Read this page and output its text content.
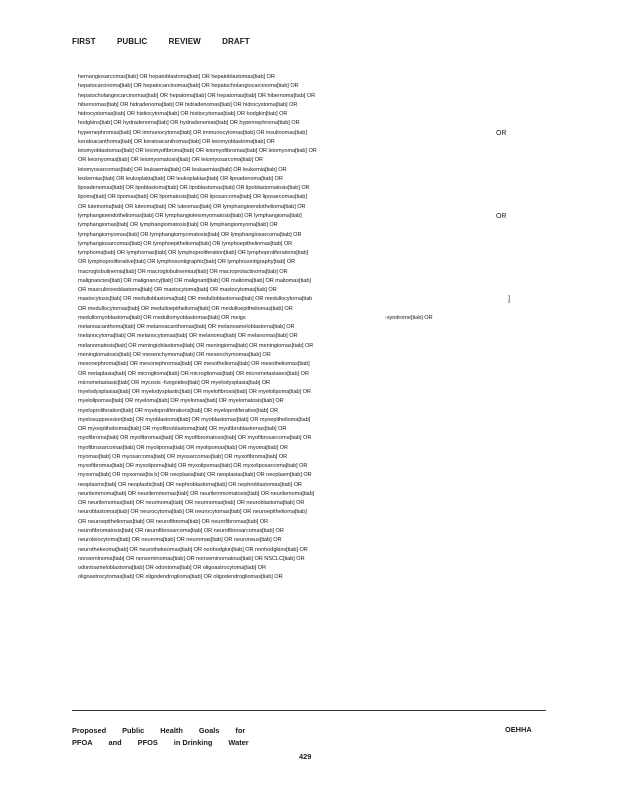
FIRST	PUBLIC	REVIEW	DRAFT
hemangiosarcomas[tiab] OR hepatoblastoma[tiab] OR hepatoblastomas[tiab] OR
hepatocarcinoma[tiab] OR hepatocarcinomas[tiab] OR hepatocholangiocarcinoma[tiab] OR
hepatocholangiocarcinomas[tiab] OR hepatoma[tiab] OR hepatomas[tiab] OR hibernoma[tiab] OR
hibernomas[tiab] OR hidradenoma[tiab] OR hidradenomas[tiab] OR hidrocystoma[tiab] OR
hidrocystomas[tiab] OR histiocytoma[tiab] OR histiocytomas[tiab] OR hodgkin[tiab] OR
hodgkins[tiab] OR hydradenoma[tiab] OR hydradenomas[tiab] OR hypernephroma[tiab] OR
hypernephromas[tiab] OR immunocytoma[tiab] OR immunocytomas[tiab] OR insulinomas[tiab]	OR
keratoacanthoma[tiab] OR keratoacanthomas[tiab] OR leiomyoblastoma[tiab] OR
leiomyoblastomas[tiab] OR leiomyofibroma[tiab] OR leiomyofibromas[tiab] OR leiomyoma[tiab] OR
OR leiomyomas[tiab] OR leiomyomatosis[tiab] OR leiomyosarcoma[tiab] OR
leiomyosarcomas[tiab] OR leukaemia[tiab] OR leukaemias[tiab] OR leukemia[tiab] OR
leukemias[tiab] OR leukoplakia[tiab] OR leukoplakias[tiab] OR lipoadenoma[tiab] OR
lipoadenomas[tiab] OR lipoblastoma[tiab] OR lipoblastomas[tiab] OR lipoblastomatosis[tiab] OR
lipoma[tiab] OR lipomas[tiab] OR lipomatosis[tiab] OR liposarcoma[tiab] OR liposarcomas[tiab]
OR luteinoma[tiab] OR luteoma[tiab] OR luteomas[tiab] OR lymphangioendothelioma[tiab] OR
lymphangioendotheliomas[tiab] OR lymphangioleiomyomatosis[tiab] OR lymphangioma[tiab]	OR
lymphangiomas[tiab] OR lymphangiomatosis[tiab] OR lymphangiomyoma[tiab] OR
lymphangiomyomas[tiab] OR lymphangiomyomatosis[tiab] OR lymphangiosarcoma[tiab] OR
lymphangiosarcomas[tiab] OR lymphoepithelioma[tiab] OR lymphoepitheliomas[tiab] OR
lymphoma[tiab] OR lymphomas[tiab] OR lymphoproliferation[tiab] OR lymphoproliferations[tiab]
OR lymphoproliferative[tiab] OR lymphosontigraphic[tiab] OR lymphosontigraphy[tiab] OR
macroglobulinemia[tiab] OR macroglobulinemias[tiab] OR macroprolactinoma[tiab] OR
malignancies[tiab] OR malignancy[tiab] OR malignant[tiab] OR maltoma[tiab] OR maltomas[tiab]
OR masculinovoblastoma[tiab] OR mastocytoma[tiab] OR mastocytomas[tiab] OR
mastocytosis[tiab] OR medulloblastoma[tiab] OR medulloblastomas[tiab] OR medullocytoma[tiab	]
OR medullocytomas[tiab] OR medulloepithelioma[tiab] OR medulloepitheliomas[tiab] OR
medullomyoblastoma[tiab] OR medullomyoblastomas[tiab] OR meigs	-syndrome[tiab] OR
melanoacanthoma[tiab] OR melanoacanthomas[tiab] OR melanoameloblastoma[tiab] OR
melanocytoma[tiab] OR melanocytomas[tiab] OR melanoma[tiab] OR melanomas[tiab] OR
melanomatosis[tiab] OR meningioblastoma[tiab] OR meningioma[tiab] OR meningiomas[tiab] OR
meningiomatosis[tiab] OR mesenchymoma[tiab] OR mesenchymomas[tiab] OR
mesonephroma[tiab] OR mesonephromas[tiab] OR mesothelioma[tiab] OR mesotheliomas[tiab]
OR metaplasia[tiab] OR microglioma[tiab] OR microgliomas[tiab] OR micrometastases[tiab] OR
micrometastasis[tiab] OR mycosis -fungoides[tiab] OR myelodysplasia[tiab] OR
myelodysplasias[tiab] OR myelodysplastic[tiab] OR myelofibrosis[tiab] OR myelolipoma[tiab] OR
myelolipomas[tiab] OR myeloma[tiab] OR myelomas[tiab] OR myelomatosis[tiab] OR
myeloproliferation[tiab] OR myeloproliferations[tiab] OR myeloproliferative[tiab] OR
myelosuppression[tiab] OR myoblastoma[tiab] OR myoblastomas[tiab] OR myoepithelioma[tiab]
OR myoepitheliomas[tiab] OR myofibroblastoma[tiab] OR myofibroblastomas[tiab] OR
myofibroma[tiab] OR myofibromas[tiab] OR myofibromatosis[tiab] OR myofibrosarcoma[tiab] OR
myofibrosarcomas[tiab] OR myolipoma[tiab] OR myolipomas[tiab] OR myoma[tiab] OR
myomas[tiab] OR myosarcoma[tiab] OR myosarcomas[tiab] OR myxofibroma[tiab] OR
myxofibromas[tiab] OR myxolipoma[tiab] OR myxolipomas[tiab] OR myxoliposarcoma[tiab] OR
myxoma[tiab] OR myxomas[tia b] OR neoplasia[tiab] OR neoplasias[tiab] OR neoplasm[tiab] OR
neoplasms[tiab] OR neoplastic[tiab] OR nephroblastoma[tiab] OR nephroblastomas[tiab] OR
neurilemmoma[tiab] OR neurilemmomas[tiab] OR neurilemmomatosis[tiab] OR neurilemoma[tiab]
OR neurilemomas[tiab] OR neurinoma[tiab] OR neurinomas[tiab] OR neuroblastoma[tiab] OR
neuroblastomas[tiab] OR neurocytoma[tiab] OR neurocytomas[tiab] OR neuroepithelioma[tiab]
OR neuroepitheliomas[tiab] OR neurofibroma[tiab] OR neurofibromas[tiab] OR
neurofibromatosis[tiab] OR neurofibrosarcoma[tiab] OR neurofibrosarcomas[tiab] OR
neuroleiocytoma[tiab] OR neuroma[tiab] OR neuromas[tiab] OR neuroneus[tiab] OR
neurothekeoma[tiab] OR neurothekeomas[tiab] OR nonhodgkin[tiab] OR nonhodgkins[tiab] OR
nonseminoma[tiab] OR nonseminomas[tiab] OR nonseminomatous[tiab] OR NSCLC[tiab] OR
odontoameloblastoma[tiab] OR odontoma[tiab] OR oligoastrocytoma[tiab] OR
oligoastrocytomas[tiab] OR oligodendroglioma[tiab] OR oligodendrogliomas[tiab] OR
Proposed Public Health Goals for
PFOA and PFOS in Drinking Water
OEHHA
429
